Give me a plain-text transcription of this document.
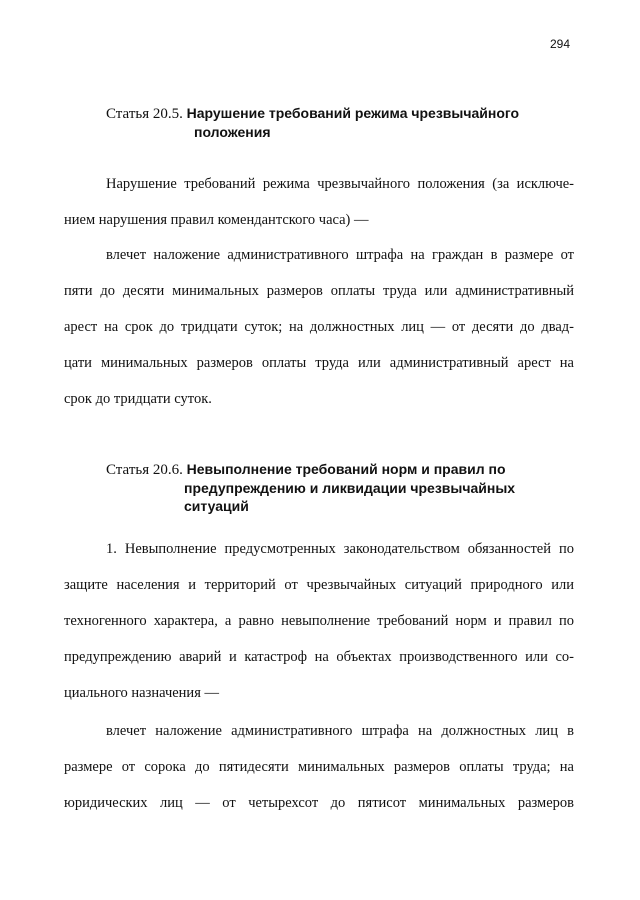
294
Статья 20.5. Нарушение требований режима чрезвычайного
положения
Нарушение требований режима чрезвычайного положения (за исключе-
нием нарушения правил комендантского часа) —
влечет наложение административного штрафа на граждан в размере от
пяти до десяти минимальных размеров оплаты труда или административный
арест на срок до тридцати суток; на должностных лиц — от десяти до двад-
цати минимальных размеров оплаты труда или административный арест на
срок до тридцати суток.
Статья 20.6. Невыполнение требований норм и правил по
предупреждению и ликвидации чрезвычайных
ситуаций
1. Невыполнение предусмотренных законодательством обязанностей по
защите населения и территорий от чрезвычайных ситуаций природного или
техногенного характера, а равно невыполнение требований норм и правил по
предупреждению аварий и катастроф на объектах производственного или со-
циального назначения —
влечет наложение административного штрафа на должностных лиц в
размере от сорока до пятидесяти минимальных размеров оплаты труда; на
юридических лиц — от четырехсот до пятисот минимальных размеров
